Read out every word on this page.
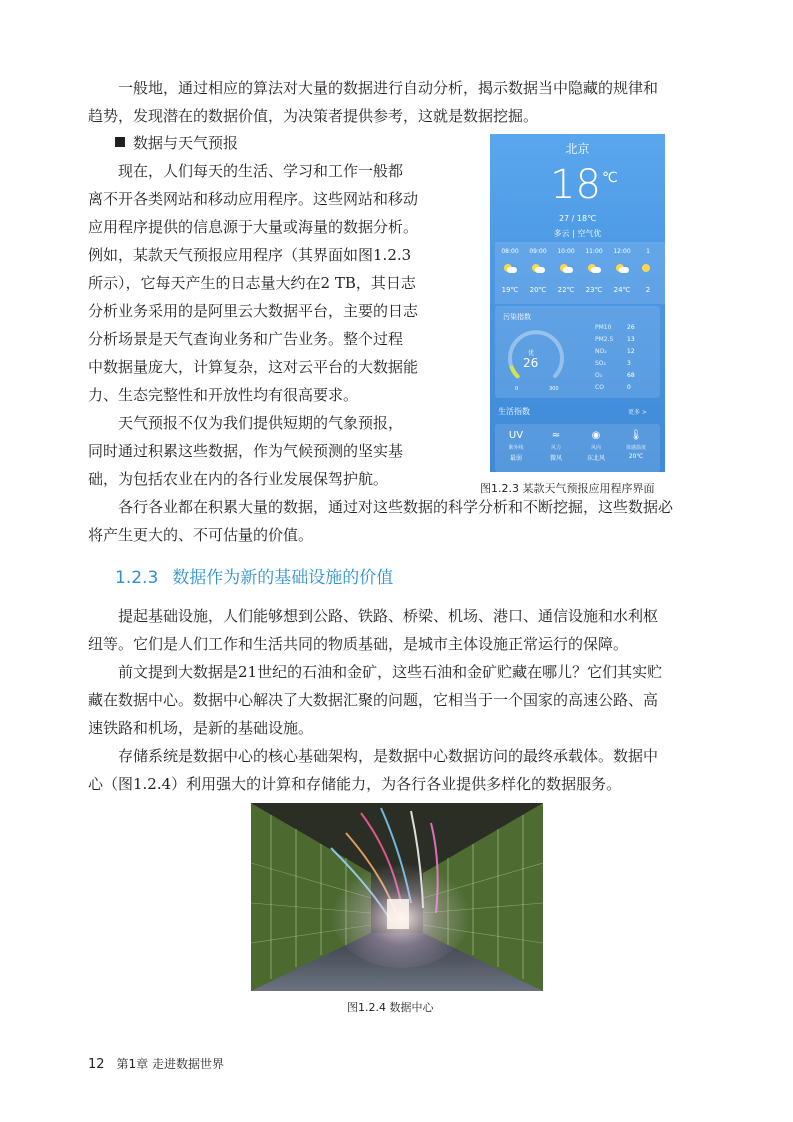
一般地，通过相应的算法对大量的数据进行自动分析，揭示数据当中隐藏的规律和
趋势，发现潜在的数据价值，为决策者提供参考，这就是数据挖掘。
数据与天气预报
现在，人们每天的生活、学习和工作一般都
离不开各类网站和移动应用程序。这些网站和移动
应用程序提供的信息源于大量或海量的数据分析。
例如，某款天气预报应用程序（其界面如图1.2.3
所示），它每天产生的日志量大约在2 TB，其日志
分析业务采用的是阿里云大数据平台，主要的日志
分析场景是天气查询业务和广告业务。整个过程
中数据量庞大，计算复杂，这对云平台的大数据能
力、生态完整性和开放性均有很高要求。
天气预报不仅为我们提供短期的气象预报，
同时通过积累这些数据，作为气候预测的坚实基
础，为包括农业在内的各行业发展保驾护航。
北京
18 ℃
27 / 18℃
多云 | 空气优
08:00
19℃
09:00
20℃
10:00
22℃
11:00
23℃
12:00
24℃
1
2
污染指数
优
26
0	300
PM10	26
PM2.5 13
NO₂	12
SO₂	3
O₃	68
CO	0
生活指数	更多 >
UV
紫外线
最弱
≈
风力
微风
◉
风向
东北风
🌡
体感温度
20℃
图1.2.3 某款天气预报应用程序界面
各行各业都在积累大量的数据，通过对这些数据的科学分析和不断挖掘，这些数据必
将产生更大的、不可估量的价值。
1.2.3 数据作为新的基础设施的价值
提起基础设施，人们能够想到公路、铁路、桥梁、机场、港口、通信设施和水利枢
纽等。它们是人们工作和生活共同的物质基础，是城市主体设施正常运行的保障。
前文提到大数据是21世纪的石油和金矿，这些石油和金矿贮藏在哪儿？它们其实贮
藏在数据中心。数据中心解决了大数据汇聚的问题，它相当于一个国家的高速公路、高
速铁路和机场，是新的基础设施。
存储系统是数据中心的核心基础架构，是数据中心数据访问的最终承载体。数据中
心（图1.2.4）利用强大的计算和存储能力，为各行各业提供多样化的数据服务。
图1.2.4 数据中心
12 第1章 走进数据世界
